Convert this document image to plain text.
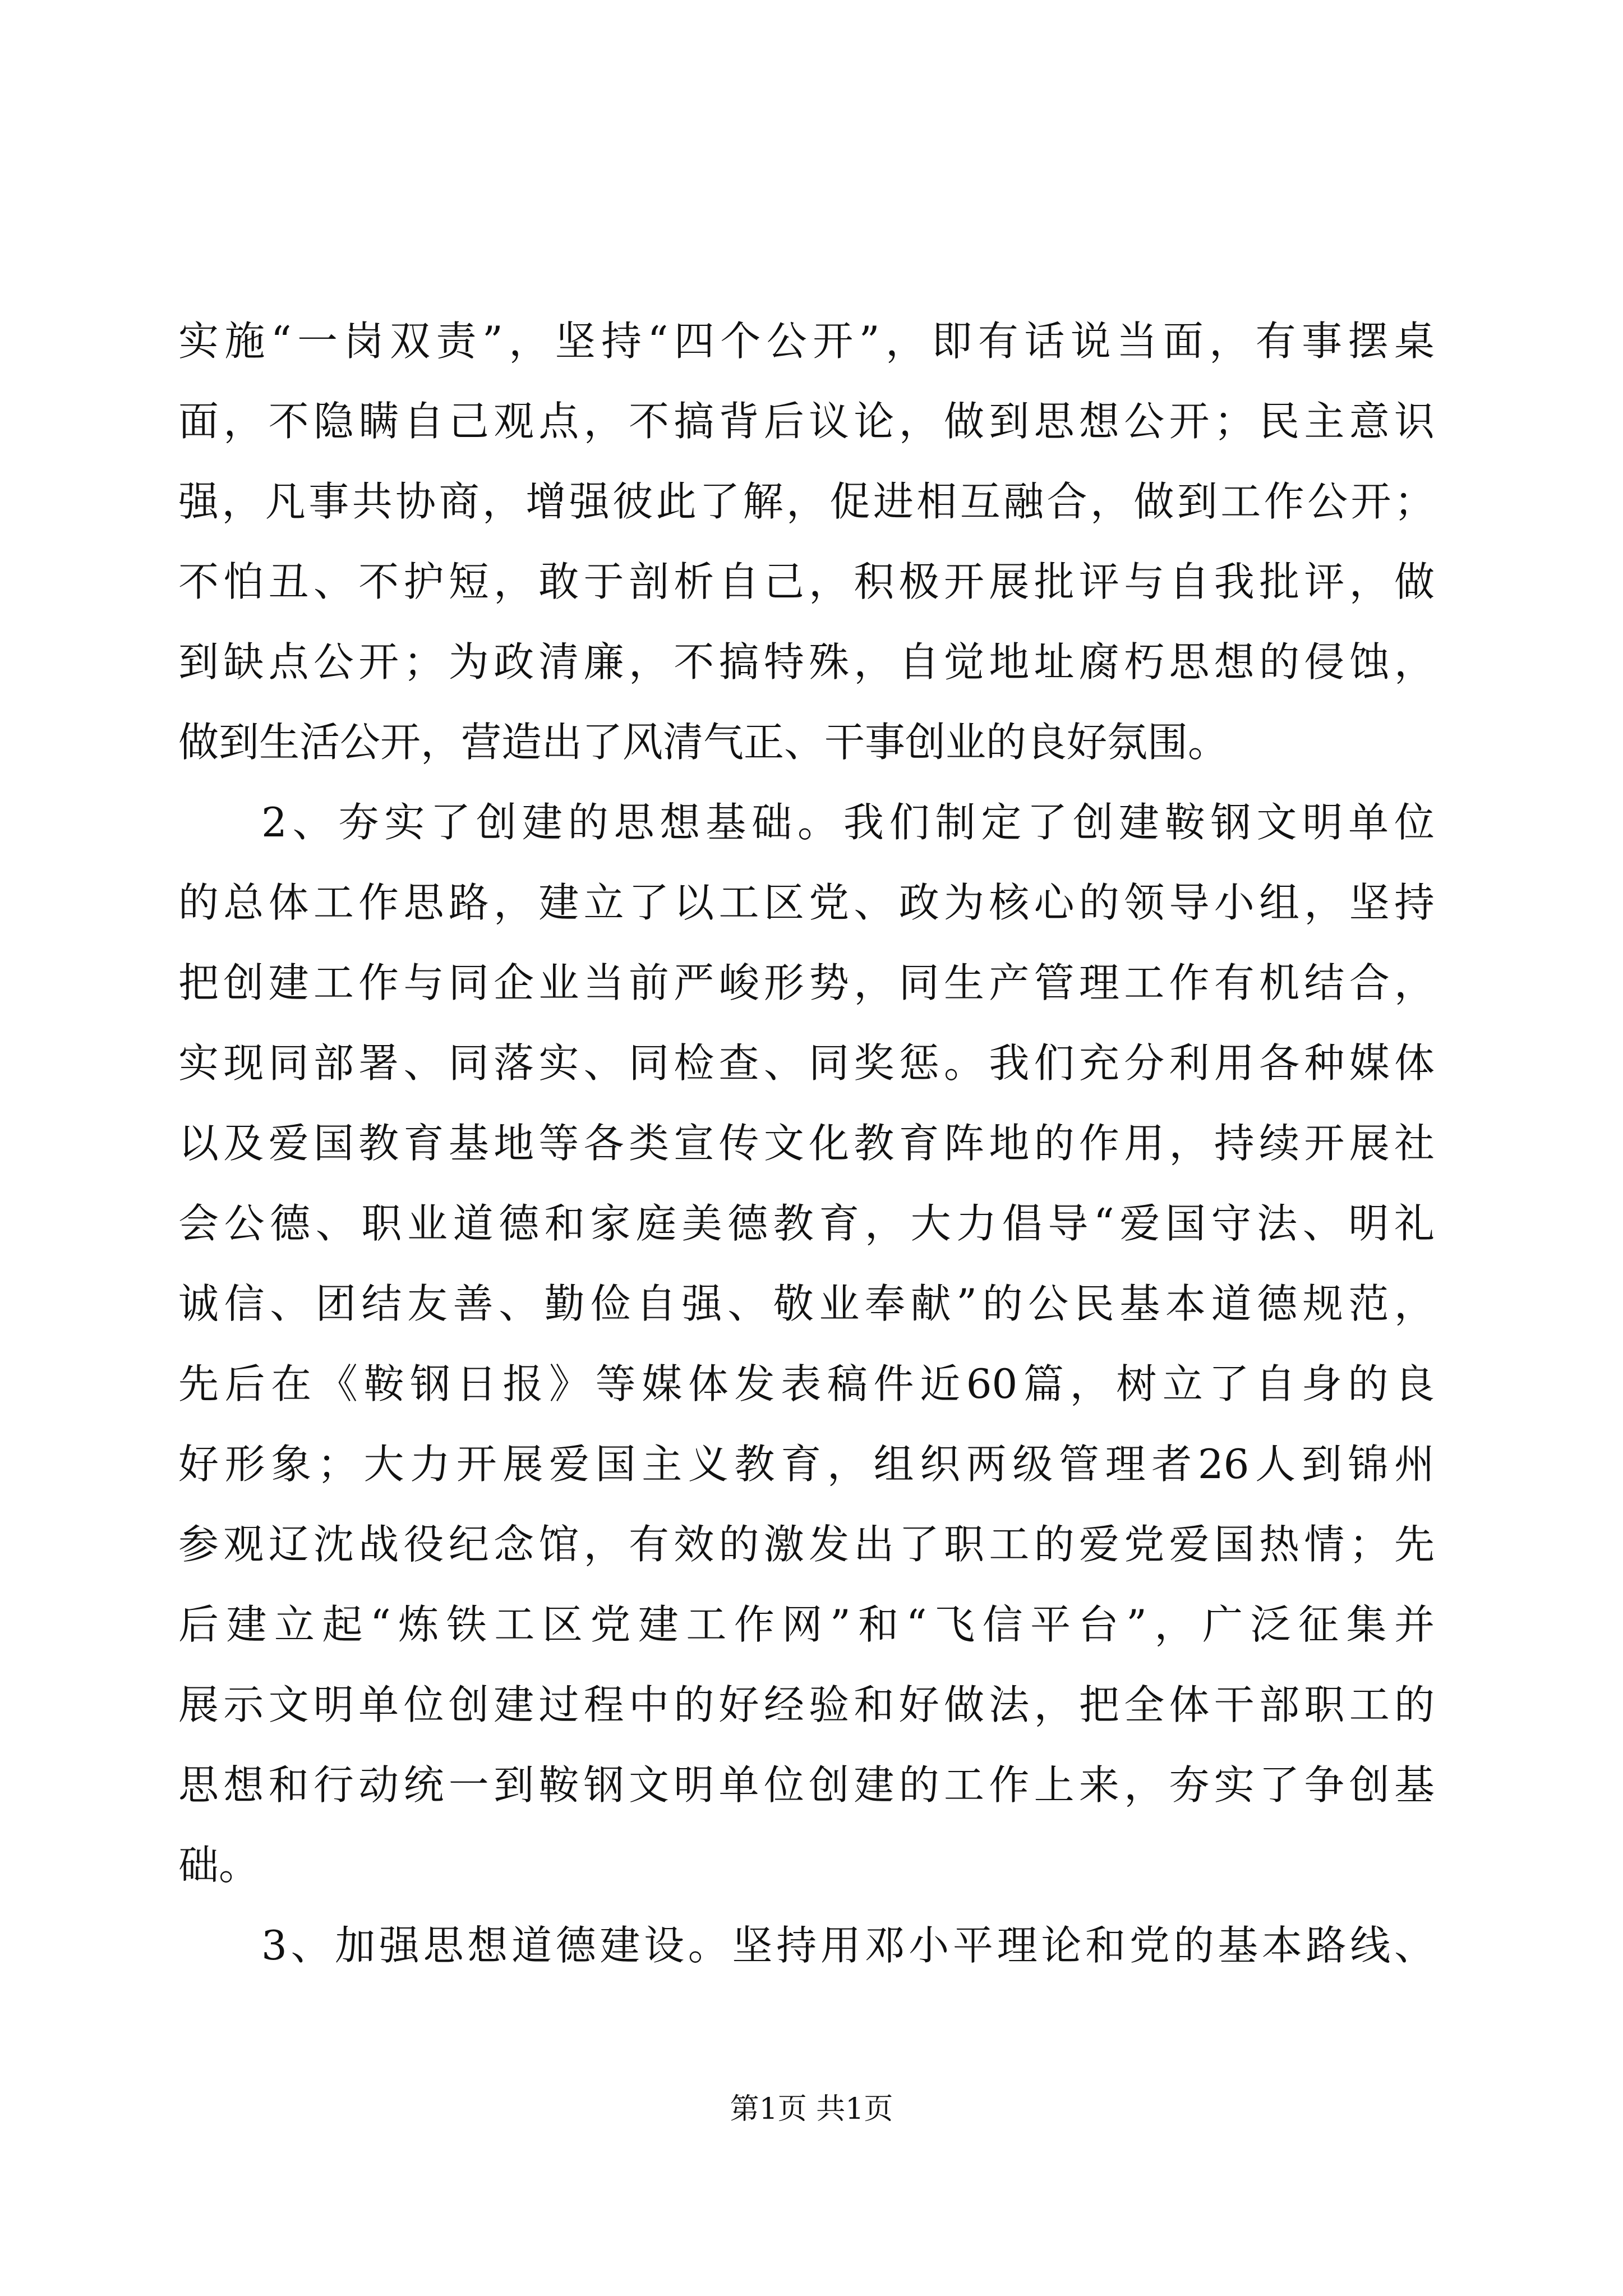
实施“一岗双责”，坚持“四个公开”，即有话说当面，有事摆桌
面，不隐瞒自己观点，不搞背后议论，做到思想公开；民主意识
强，凡事共协商，增强彼此了解，促进相互融合，做到工作公开；
不怕丑、不护短，敢于剖析自己，积极开展批评与自我批评，做
到缺点公开；为政清廉，不搞特殊，自觉地址腐朽思想的侵蚀，
做到生活公开，营造出了风清气正、干事创业的良好氛围。
2、夯实了创建的思想基础。我们制定了创建鞍钢文明单位
的总体工作思路，建立了以工区党、政为核心的领导小组，坚持
把创建工作与同企业当前严峻形势，同生产管理工作有机结合，
实现同部署、同落实、同检查、同奖惩。我们充分利用各种媒体
以及爱国教育基地等各类宣传文化教育阵地的作用，持续开展社
会公德、职业道德和家庭美德教育，大力倡导“爱国守法、明礼
诚信、团结友善、勤俭自强、敬业奉献”的公民基本道德规范，
先后在《鞍钢日报》等媒体发表稿件近60篇，树立了自身的良
好形象；大力开展爱国主义教育，组织两级管理者26人到锦州
参观辽沈战役纪念馆，有效的激发出了职工的爱党爱国热情；先
后建立起“炼铁工区党建工作网”和“飞信平台”，广泛征集并
展示文明单位创建过程中的好经验和好做法，把全体干部职工的
思想和行动统一到鞍钢文明单位创建的工作上来，夯实了争创基
础。
3、加强思想道德建设。坚持用邓小平理论和党的基本路线、
第1页 共1页
